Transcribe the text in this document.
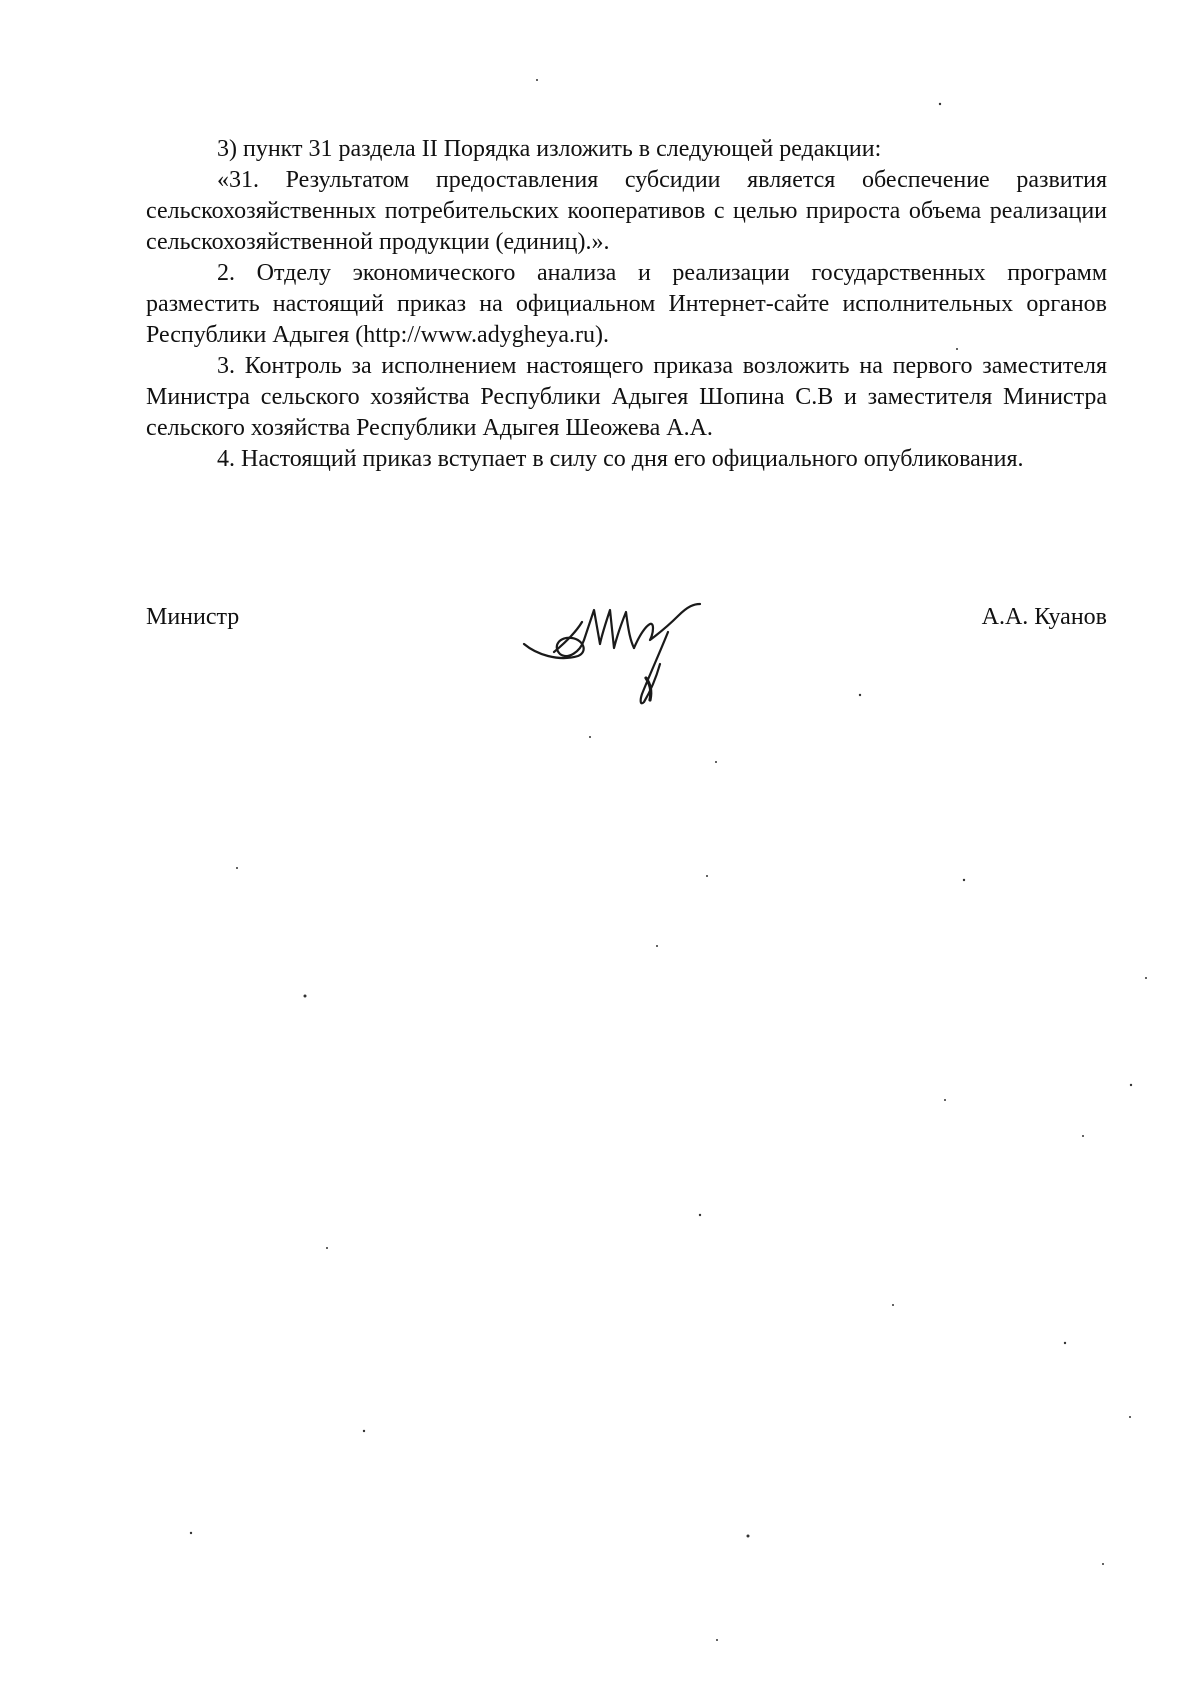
3) пункт 31 раздела II Порядка изложить в следующей редакции:

«31. Результатом предоставления субсидии является обеспечение развития сельскохозяйственных потребительских кооперативов с целью прироста объема реализации сельскохозяйственной продукции (единиц).».

2. Отделу экономического анализа и реализации государственных программ разместить настоящий приказ на официальном Интернет-сайте исполнительных органов Республики Адыгея (http://www.adygheya.ru).

3. Контроль за исполнением настоящего приказа возложить на первого заместителя Министра сельского хозяйства Республики Адыгея Шопина С.В и заместителя Министра сельского хозяйства Республики Адыгея Шеожева А.А.

4. Настоящий приказ вступает в силу со дня его официального опубликования.

Министр	А.А. Куанов
